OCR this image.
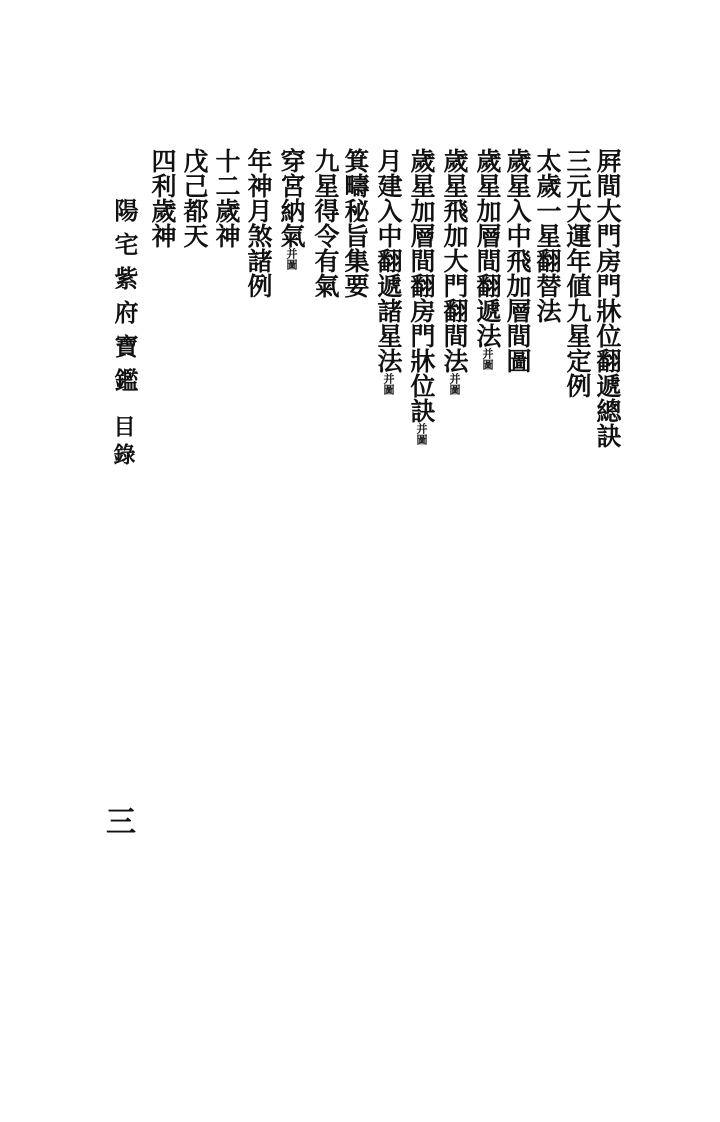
屛間大門房門牀位翻遞總訣
三元大運年値九星定例
太歲一星翻替法
歲星入中飛加層間圖
歲星加層間翻遞法并圖
歲星飛加大門翻間法并圖
歲星加層間翻房門牀位訣并圖
月建入中翻遞諸星法并圖
箕疇秘旨集要
九星得令有氣
穿宮納氣并圖
年神月煞諸例
十二歲神
戊己都天
四利歲神
陽宅紫府寶鑑
目錄
三
